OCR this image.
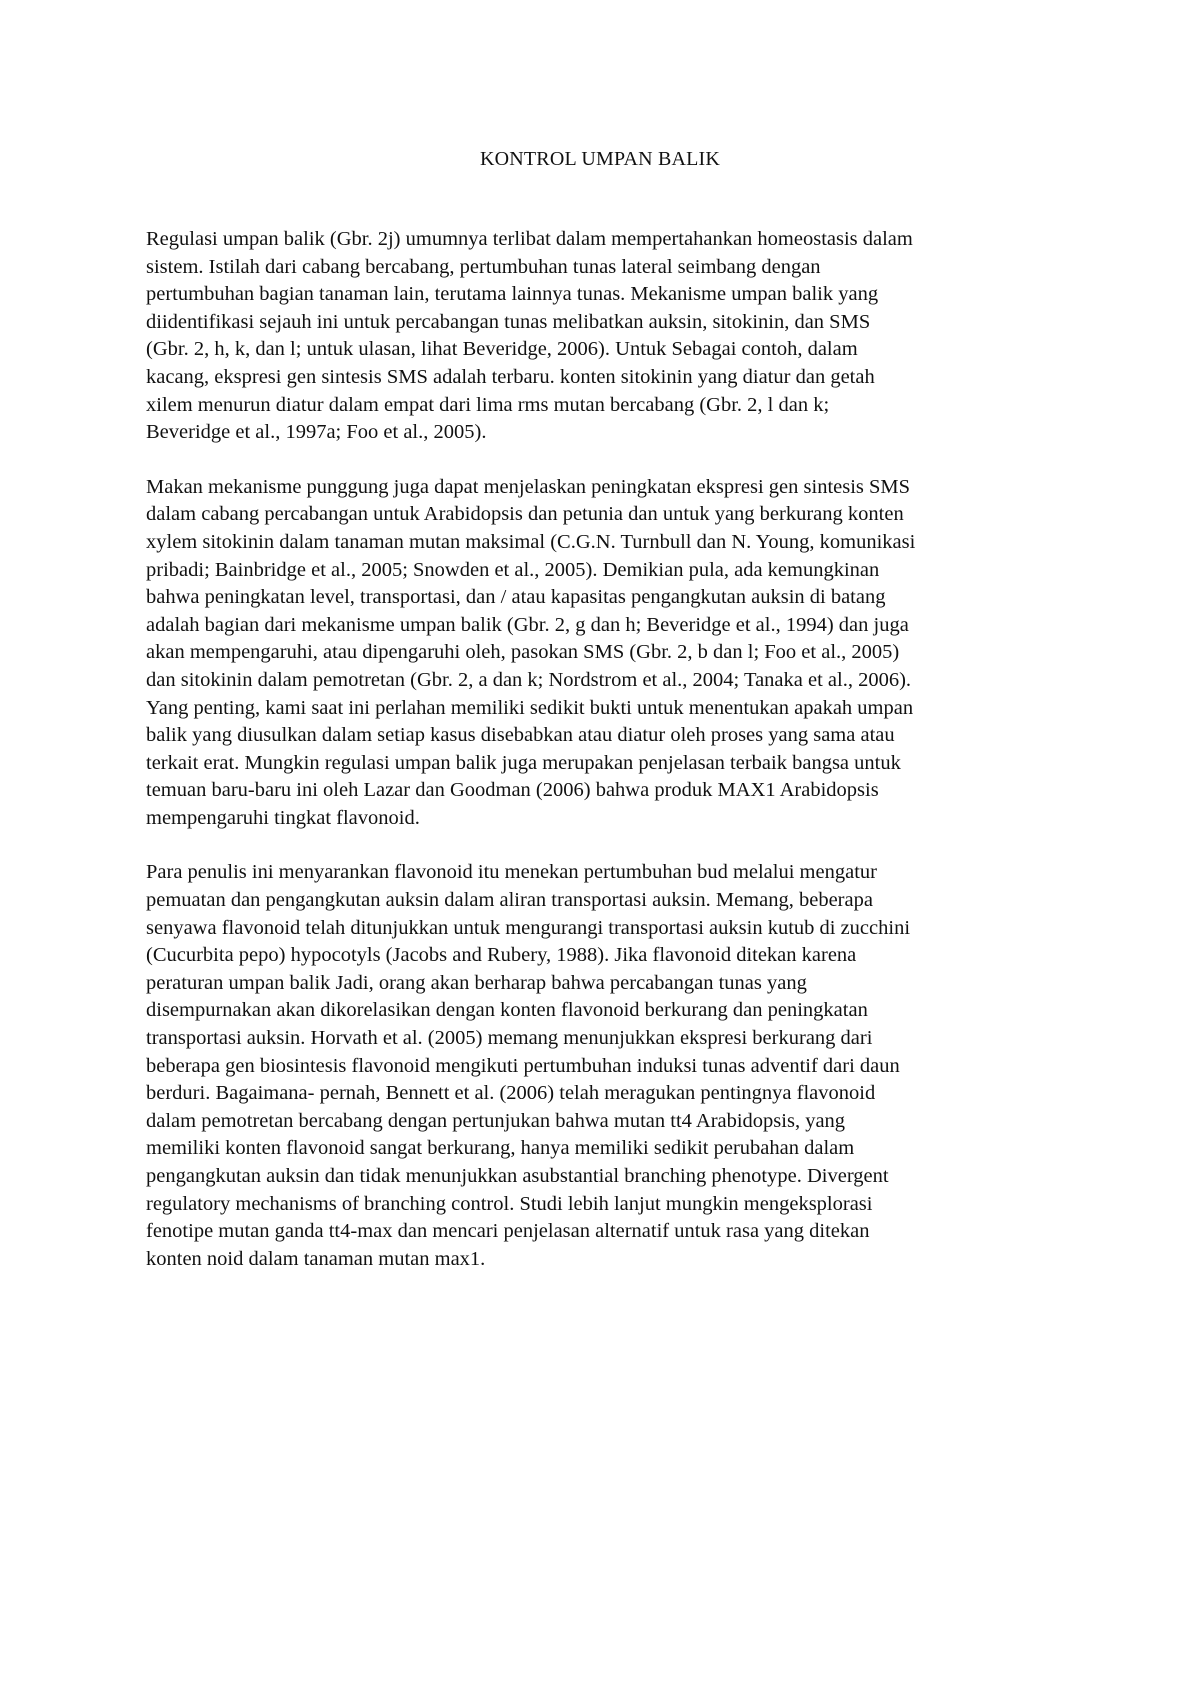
KONTROL UMPAN BALIK

Regulasi umpan balik (Gbr. 2j) umumnya terlibat dalam mempertahankan homeostasis dalam
sistem. Istilah dari cabang bercabang, pertumbuhan tunas lateral seimbang dengan
pertumbuhan bagian tanaman lain, terutama lainnya tunas. Mekanisme umpan balik yang
diidentifikasi sejauh ini untuk percabangan tunas melibatkan auksin, sitokinin, dan SMS
(Gbr. 2, h, k, dan l; untuk ulasan, lihat Beveridge, 2006). Untuk Sebagai contoh, dalam
kacang, ekspresi gen sintesis SMS adalah terbaru. konten sitokinin yang diatur dan getah
xilem menurun diatur dalam empat dari lima rms mutan bercabang (Gbr. 2, l dan k;
Beveridge et al., 1997a; Foo et al., 2005).

Makan mekanisme punggung juga dapat menjelaskan peningkatan ekspresi gen sintesis SMS
dalam cabang percabangan untuk Arabidopsis dan petunia dan untuk yang berkurang konten
xylem sitokinin dalam tanaman mutan maksimal (C.G.N. Turnbull dan N. Young, komunikasi
pribadi; Bainbridge et al., 2005; Snowden et al., 2005). Demikian pula, ada kemungkinan
bahwa peningkatan level, transportasi, dan / atau kapasitas pengangkutan auksin di batang
adalah bagian dari mekanisme umpan balik (Gbr. 2, g dan h; Beveridge et al., 1994) dan juga
akan mempengaruhi, atau dipengaruhi oleh, pasokan SMS (Gbr. 2, b dan l; Foo et al., 2005)
dan sitokinin dalam pemotretan (Gbr. 2, a dan k; Nordstrom et al., 2004; Tanaka et al., 2006).
Yang penting, kami saat ini perlahan memiliki sedikit bukti untuk menentukan apakah umpan
balik yang diusulkan dalam setiap kasus disebabkan atau diatur oleh proses yang sama atau
terkait erat. Mungkin regulasi umpan balik juga merupakan penjelasan terbaik bangsa untuk
temuan baru-baru ini oleh Lazar dan Goodman (2006) bahwa produk MAX1 Arabidopsis
mempengaruhi tingkat flavonoid.

Para penulis ini menyarankan flavonoid itu menekan pertumbuhan bud melalui mengatur
pemuatan dan pengangkutan auksin dalam aliran transportasi auksin. Memang, beberapa
senyawa flavonoid telah ditunjukkan untuk mengurangi transportasi auksin kutub di zucchini
(Cucurbita pepo) hypocotyls (Jacobs and Rubery, 1988). Jika flavonoid ditekan karena
peraturan umpan balik Jadi, orang akan berharap bahwa percabangan tunas yang
disempurnakan akan dikorelasikan dengan konten flavonoid berkurang dan peningkatan
transportasi auksin. Horvath et al. (2005) memang menunjukkan ekspresi berkurang dari
beberapa gen biosintesis flavonoid mengikuti pertumbuhan induksi tunas adventif dari daun
berduri. Bagaimana- pernah, Bennett et al. (2006) telah meragukan pentingnya flavonoid
dalam pemotretan bercabang dengan pertunjukan bahwa mutan tt4 Arabidopsis, yang
memiliki konten flavonoid sangat berkurang, hanya memiliki sedikit perubahan dalam
pengangkutan auksin dan tidak menunjukkan asubstantial branching phenotype. Divergent
regulatory mechanisms of branching control. Studi lebih lanjut mungkin mengeksplorasi
fenotipe mutan ganda tt4-max dan mencari penjelasan alternatif untuk rasa yang ditekan
konten noid dalam tanaman mutan max1.
